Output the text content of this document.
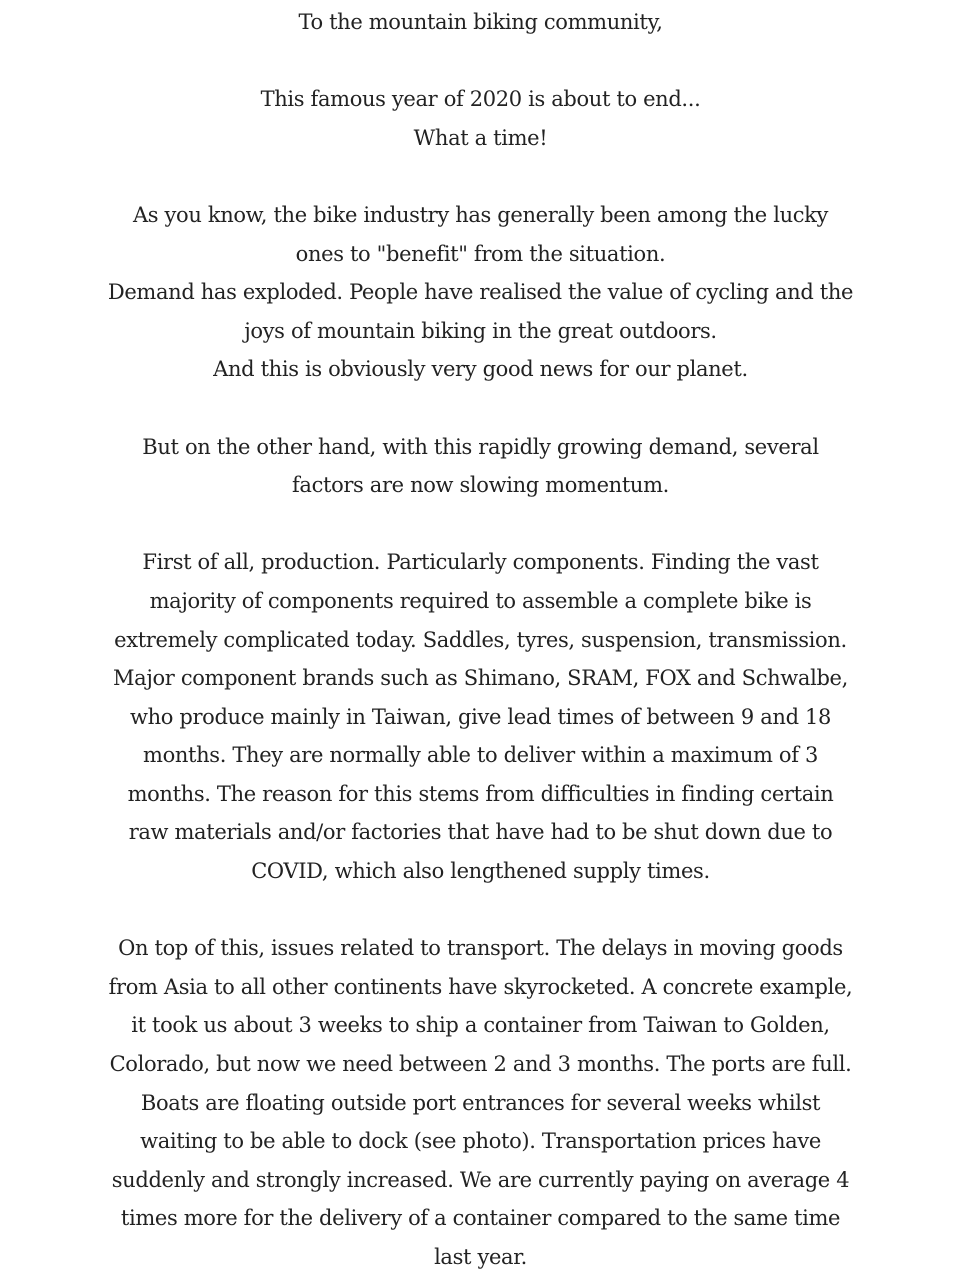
To the mountain biking community,
This famous year of 2020 is about to end...
What a time!
As you know, the bike industry has generally been among the lucky
ones to "benefit" from the situation.
Demand has exploded. People have realised the value of cycling and the
joys of mountain biking in the great outdoors.
And this is obviously very good news for our planet.
But on the other hand, with this rapidly growing demand, several
factors are now slowing momentum.
First of all, production. Particularly components. Finding the vast
majority of components required to assemble a complete bike is
extremely complicated today. Saddles, tyres, suspension, transmission.
Major component brands such as Shimano, SRAM, FOX and Schwalbe,
who produce mainly in Taiwan, give lead times of between 9 and 18
months. They are normally able to deliver within a maximum of 3
months. The reason for this stems from difficulties in finding certain
raw materials and/or factories that have had to be shut down due to
COVID, which also lengthened supply times.
On top of this, issues related to transport. The delays in moving goods
from Asia to all other continents have skyrocketed. A concrete example,
it took us about 3 weeks to ship a container from Taiwan to Golden,
Colorado, but now we need between 2 and 3 months. The ports are full.
Boats are floating outside port entrances for several weeks whilst
waiting to be able to dock (see photo). Transportation prices have
suddenly and strongly increased. We are currently paying on average 4
times more for the delivery of a container compared to the same time
last year.
